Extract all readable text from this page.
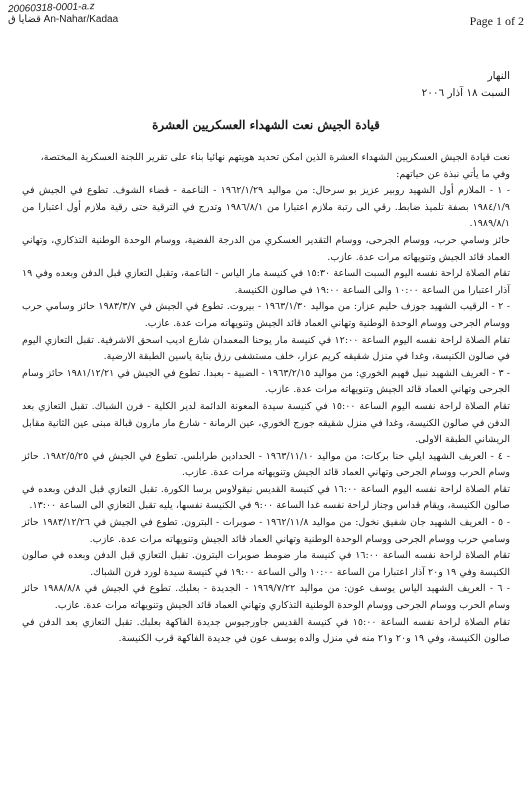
20060318-0001-a.z
An-Nahar/Kadaa قضايا ق	Page 1 of 2
النهار
السبت ١٨ آذار ٢٠٠٦
قيادة الجيش نعت الشهداء العسكريين العشرة

نعت قيادة الجيش العسكريين الشهداء العشرة الذين امكن تحديد هويتهم نهائيا بناء على تقرير اللجنة العسكرية المختصة،

وفي ما يأتي نبذة عن حياتهم:

- ١ - الملازم أول الشهيد روبير عزيز بو سرحال: من مواليد ١٩٦٢/١/٢٩ - الناعمة - قضاء الشوف. تطوع في الجيش في ١٩٨٤/١/٩ بصفة تلميذ ضابط. رقي الى رتبة ملازم اعتبارا من ١٩٨٦/٨/١ وتدرج في الترقية حتى رقية ملازم أول اعتبارا من ١٩٨٩/٨/١.

حائز وسامي حرب، ووسام الجرحى، ووسام التقدير العسكري من الدرجة الفضية، ووسام الوحدة الوطنية التذكاري، وتهاني العماد قائد الجيش وتنويهاته مرات عدة. عازب.

تقام الصلاة لراحة نفسه اليوم السبت الساعة ١٥:٣٠ في كنيسة مار الياس - الناعمة، وتقبل التعازي قبل الدفن وبعده وفي ١٩ آذار اعتبارا من الساعة ١٠:٠٠ والى الساعة ١٩:٠٠ في صالون الكنيسة.

- ٢ - الرقيب الشهيد جوزف حليم عزار: من مواليد ١٩٦٣/١/٣٠ - بيروت. تطوع في الجيش في ١٩٨٣/٣/٧ حائز وسامي حرب ووسام الجرحى ووسام الوحدة الوطنية وتهاني العماد قائد الجيش وتنويهاته مرات عدة. عازب.

تقام الصلاة لراحة نفسه اليوم الساعة ١٢:٠٠ في كنيسة مار يوحنا المعمدان شارع اديب اسحق الاشرفية. تقبل التعازي اليوم في صالون الكنيسة، وغدا في منزل شقيقه كريم عزار، خلف مستشفى رزق بناية ياسين الطبقة الارضية.

- ٣ - العريف الشهيد نبيل فهيم الخوري: من مواليد ١٩٦٣/٢/١٥ - الضبية - بعبدا. تطوع في الجيش في ١٩٨١/١٢/٢١ حائز وسام الجرحى وتهاني العماد قائد الجيش وتنويهاته مرات عدة. عازب.

تقام الصلاة لراحة نفسه اليوم الساعة ١٥:٠٠ في كنيسة سيدة المعونة الدائمة لدير الكلية - فرن الشباك. تقبل التعازي بعد الدفن في صالون الكنيسة، وغدا في منزل شقيقه جورج الخوري، عين الرمانة - شارع مار مارون قبالة مبنى عين الثانية مقابل الريشاني الطبقة الاولى.

- ٤ - العريف الشهيد ايلي حنا بركات: من مواليد ١٩٦٣/١١/١٠ - الحدادين طرابلس. تطوع في الجيش في ١٩٨٢/٥/٢٥. حائز وسام الحرب ووسام الجرحى وتهاني العماد قائد الجيش وتنويهاته مرات عدة. عازب.

تقام الصلاة لراحة نفسه اليوم الساعة ١٦:٠٠ في كنيسة القديس نيقولاوس برسا الكورة. تقبل التعازي قبل الدفن وبعده في صالون الكنيسة، ويقام قداس وجناز لراحة نفسه غدا الساعة ٩:٠٠ في الكنيسة نفسها، يليه تقبل التعازي الى الساعة ١٣:٠٠.

- ٥ - العريف الشهيد جان شفيق نخول: من مواليد ١٩٦٢/١١/٨ - صوبرات - البترون. تطوع في الجيش في ١٩٨٣/١٢/٢٦ حائز وسامي حرب ووسام الجرحى ووسام الوحدة الوطنية وتهاني العماد قائد الجيش وتنويهاته مرات عدة. عازب.

تقام الصلاة لراحة نفسه الساعة ١٦:٠٠ في كنيسة مار ضومط صوبرات البترون. تقبل التعازي قبل الدفن وبعده في صالون الكنيسة وفي ١٩ و٢٠ آذار اعتبارا من الساعة ١٠:٠٠ والى الساعة ١٩:٠٠ في كنيسة سيدة لورد فرن الشباك.

- ٦ - العريف الشهيد الياس يوسف عون: من مواليد ١٩٦٩/٧/٢٢ - الجديدة - بعلبك. تطوع في الجيش في ١٩٨٨/٨/٨ حائز وسام الحرب ووسام الجرحى ووسام الوحدة الوطنية التذكاري وتهاني العماد قائد الجيش وتنويهاته مرات عدة. عازب.

تقام الصلاة لراحة نفسه الساعة ١٥:٠٠ في كنيسة القديس جاورجيوس جديدة الفاكهة بعلبك. تقبل التعازي بعد الدفن في صالون الكنيسة، وفي ١٩ و٢٠ و٢١ منه في منزل والده يوسف عون في جديدة الفاكهة قرب الكنيسة.
